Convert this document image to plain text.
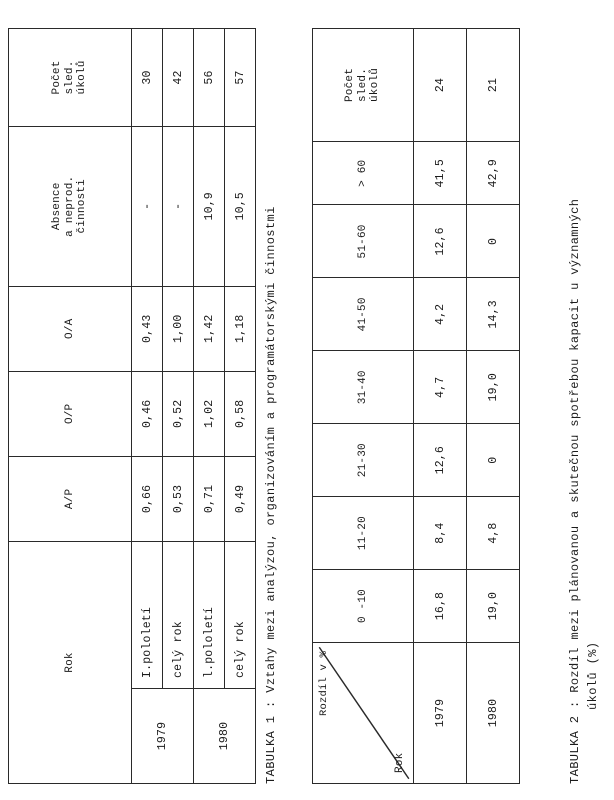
Rok		A/P	O/P	O/A	Absence
a neprod.
činnosti	Počet
sled.
úkolů
1979	I.pololetí	0,66	0,46	0,43	-	30
	celý rok	0,53	0,52	1,00	-	42
1980	l.pololetí	0,71	1,02	1,42	10,9	56
	celý rok	0,49	0,58	1,18	10,5	57
TABULKA 1 : Vztahy mezi analýzou, organizováním a programátorskými činnostmi	Rozdíl v %
Rok	0 -10	11-20	21-30	31-40	41-50	51-60	> 60	Počet
sled.
úkolů
1979	16,8	8,4	12,6	4,7	4,2	12,6	41,5	24
1980	19,0	4,8	0	19,0	14,3	0	42,9	21
TABULKA 2 : Rozdíl mezi plánovanou a skutečnou spotřebou kapacit u významných úkolů (%)
